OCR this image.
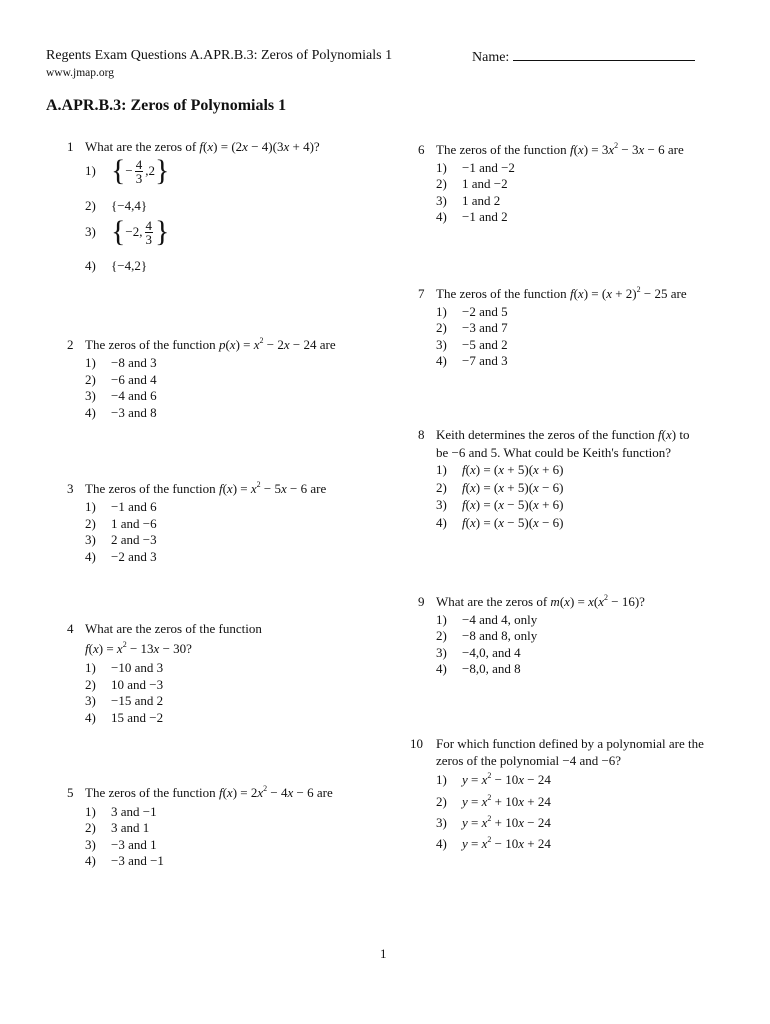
Regents Exam Questions A.APR.B.3: Zeros of Polynomials 1	Name:
www.jmap.org
A.APR.B.3: Zeros of Polynomials 1
1 What are the zeros of f(x) = (2x − 4)(3x + 4)?
1) {− $\frac{4}{3} ,2$}
2) {−4,4}
3) {−2, $\frac{4}{3}$ }
4) {−4,2}
2 The zeros of the function $p(x) = x^2 - 2x - 24$ are
1) −8 and 3
2) −6 and 4
3) −4 and 6
4) −3 and 8
3 The zeros of the function $f(x) = x^2 - 5x - 6$ are
1) −1 and 6
2) 1 and −6
3) 2 and −3
4) −2 and 3
4 What are the zeros of the function
$f(x) = x^2 - 13x - 30$?
1) −10 and 3
2) 10 and −3
3) −15 and 2
4) 15 and −2
5 The zeros of the function $f(x) = 2x^2 - 4x - 6$ are
1) 3 and −1
2) 3 and 1
3) −3 and 1
4) −3 and −1
6 The zeros of the function $f(x) = 3x^2 - 3x - 6$ are
1) −1 and −2
2) 1 and −2
3) 1 and 2
4) −1 and 2
7 The zeros of the function $f(x) = (x + 2)^2 - 25$ are
1) −2 and 5
2) −3 and 7
3) −5 and 2
4) −7 and 3
8 Keith determines the zeros of the function f(x) to
be −6 and 5. What could be Keith's function?
1) f(x) = (x + 5)(x + 6)
2) f(x) = (x + 5)(x − 6)
3) f(x) = (x − 5)(x + 6)
4) f(x) = (x − 5)(x − 6)
9 What are the zeros of $m(x) = x(x^2 - 16)$?
1) −4 and 4, only
2) −8 and 8, only
3) −4,0, and 4
4) −8,0, and 8
10 For which function defined by a polynomial are the
zeros of the polynomial −4 and −6?
1) $y = x^2 - 10x - 24$
2) $y = x^2 + 10x + 24$
3) $y = x^2 + 10x - 24$
4) $y = x^2 - 10x + 24$
1
